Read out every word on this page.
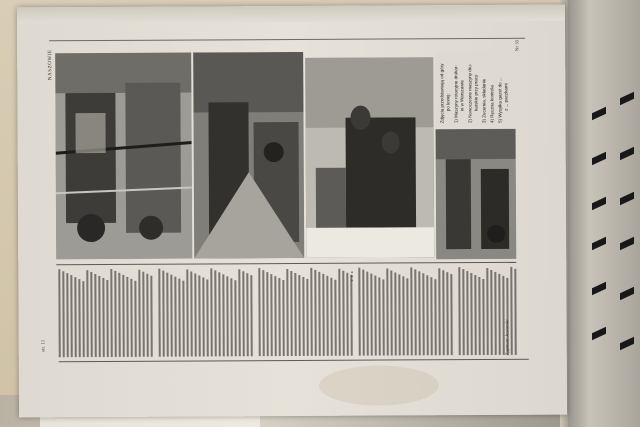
NASZOWIE
Nr 35
str. 11
Zdjęcia przedstawiają od góry po lewej: 1) Maszyny rotacyjne drukar- ni w Warszawie 2) Nowoczesne maszyny dru- karskie przy pracy 3) Zecernia, składanie 4) Ręczna kontrola 5) Wysyłka gazet do ... z ... paczkami
* * *
Zygmunt Jeziorski
